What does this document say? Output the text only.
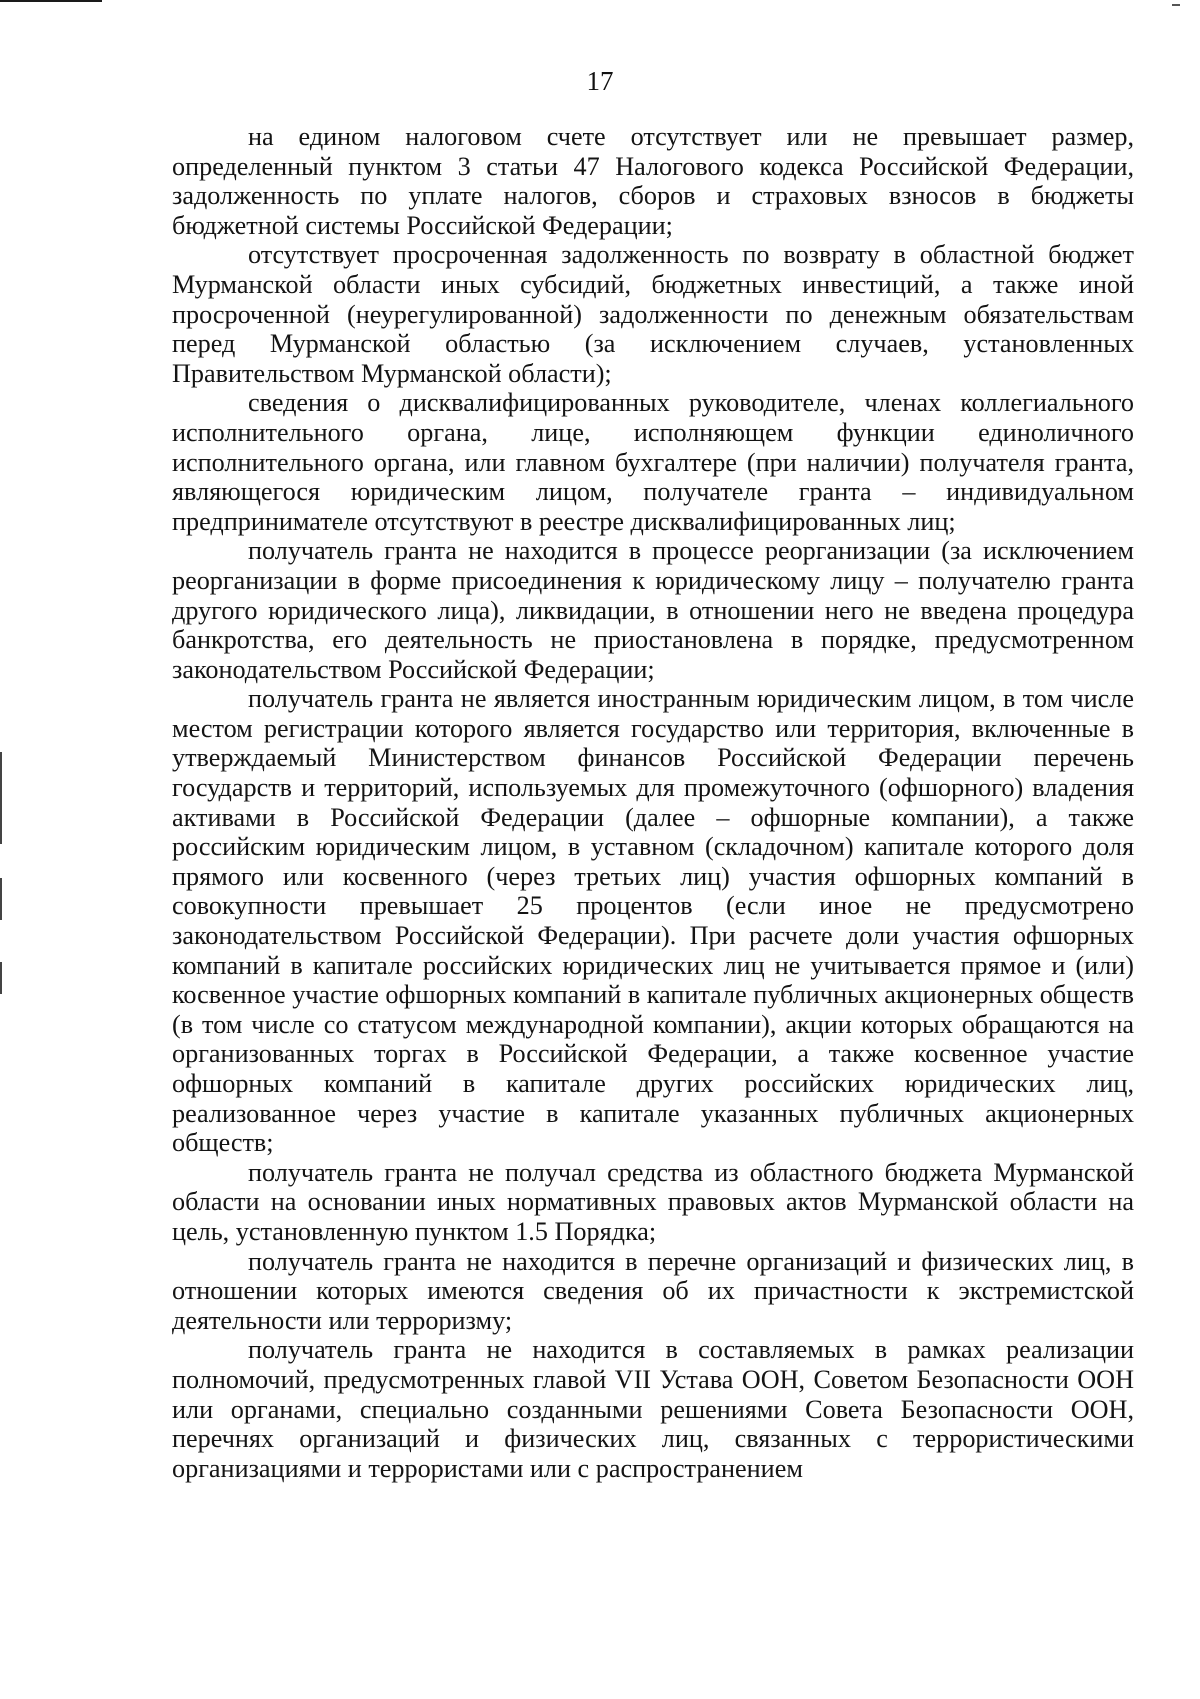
17

на едином налоговом счете отсутствует или не превышает размер, определенный пунктом 3 статьи 47 Налогового кодекса Российской Федерации, задолженность по уплате налогов, сборов и страховых взносов в бюджеты бюджетной системы Российской Федерации;

отсутствует просроченная задолженность по возврату в областной бюджет Мурманской области иных субсидий, бюджетных инвестиций, а также иной просроченной (неурегулированной) задолженности по денежным обязательствам перед Мурманской областью (за исключением случаев, установленных Правительством Мурманской области);

сведения о дисквалифицированных руководителе, членах коллегиального исполнительного органа, лице, исполняющем функции единоличного исполнительного органа, или главном бухгалтере (при наличии) получателя гранта, являющегося юридическим лицом, получателе гранта – индивидуальном предпринимателе отсутствуют в реестре дисквалифицированных лиц;

получатель гранта не находится в процессе реорганизации (за исключением реорганизации в форме присоединения к юридическому лицу – получателю гранта другого юридического лица), ликвидации, в отношении него не введена процедура банкротства, его деятельность не приостановлена в порядке, предусмотренном законодательством Российской Федерации;

получатель гранта не является иностранным юридическим лицом, в том числе местом регистрации которого является государство или территория, включенные в утверждаемый Министерством финансов Российской Федерации перечень государств и территорий, используемых для промежуточного (офшорного) владения активами в Российской Федерации (далее – офшорные компании), а также российским юридическим лицом, в уставном (складочном) капитале которого доля прямого или косвенного (через третьих лиц) участия офшорных компаний в совокупности превышает 25 процентов (если иное не предусмотрено законодательством Российской Федерации). При расчете доли участия офшорных компаний в капитале российских юридических лиц не учитывается прямое и (или) косвенное участие офшорных компаний в капитале публичных акционерных обществ (в том числе со статусом международной компании), акции которых обращаются на организованных торгах в Российской Федерации, а также косвенное участие офшорных компаний в капитале других российских юридических лиц, реализованное через участие в капитале указанных публичных акционерных обществ;

получатель гранта не получал средства из областного бюджета Мурманской области на основании иных нормативных правовых актов Мурманской области на цель, установленную пунктом 1.5 Порядка;

получатель гранта не находится в перечне организаций и физических лиц, в отношении которых имеются сведения об их причастности к экстремистской деятельности или терроризму;

получатель гранта не находится в составляемых в рамках реализации полномочий, предусмотренных главой VII Устава ООН, Советом Безопасности ООН или органами, специально созданными решениями Совета Безопасности ООН, перечнях организаций и физических лиц, связанных с террористическими организациями и террористами или с распространением
